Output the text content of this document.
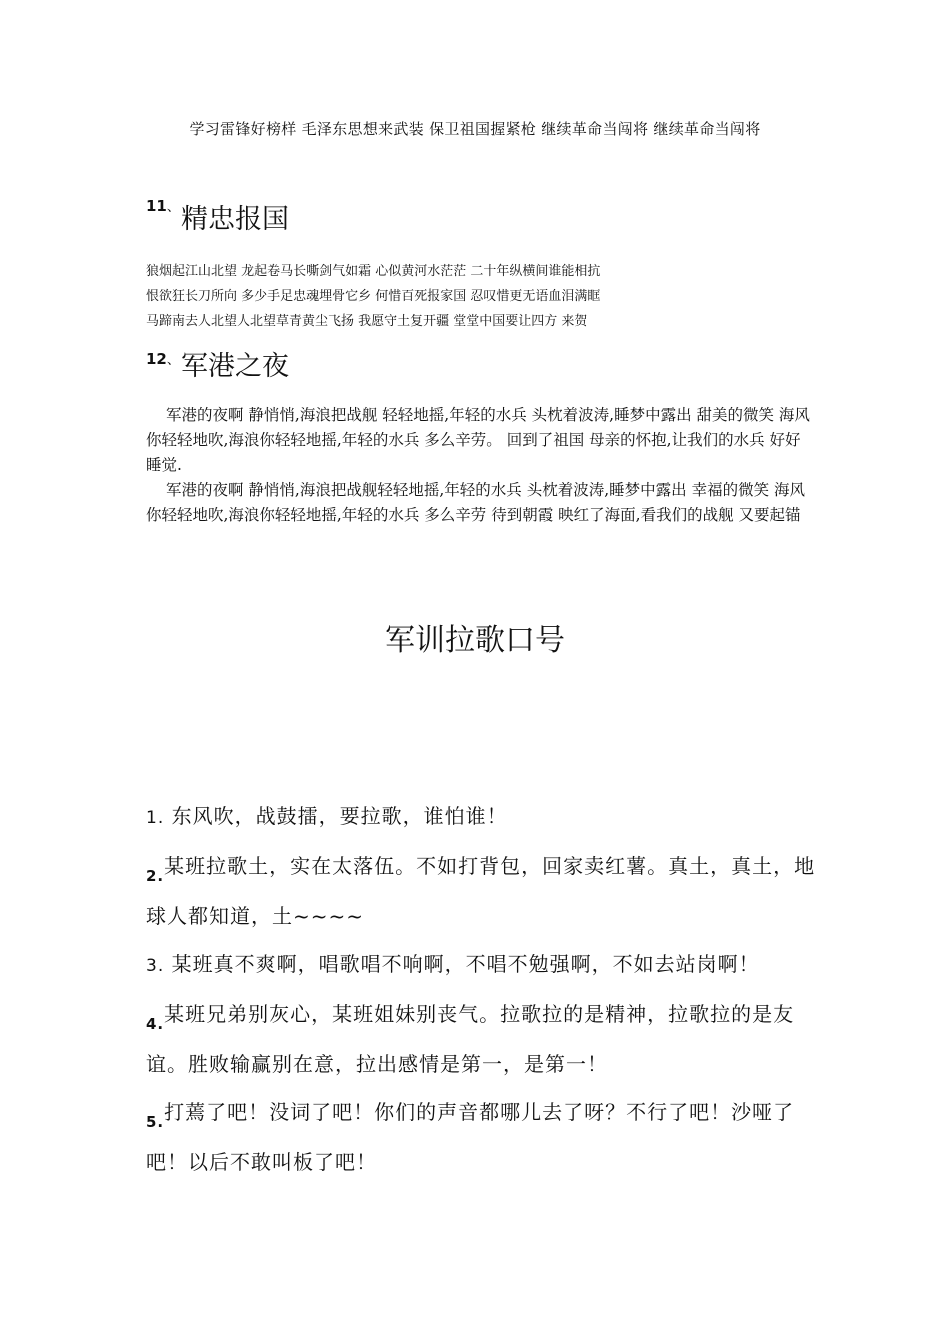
学习雷锋好榜样 毛泽东思想来武装 保卫祖国握紧枪 继续革命当闯将 继续革命当闯将
11、 精忠报国
狼烟起江山北望 龙起卷马长嘶剑气如霜 心似黄河水茫茫 二十年纵横间谁能相抗
恨欲狂长刀所向 多少手足忠魂埋骨它乡 何惜百死报家国 忍叹惜更无语血泪满眶
马蹄南去人北望人北望草青黄尘飞扬 我愿守土复开疆 堂堂中国要让四方 来贺
12、 军港之夜

军港的夜啊 静悄悄,海浪把战舰 轻轻地摇,年轻的水兵 头枕着波涛,睡梦中露出 甜美的微笑 海风你轻轻地吹,海浪你轻轻地摇,年轻的水兵 多么辛劳。 回到了祖国 母亲的怀抱,让我们的水兵 好好睡觉.

军港的夜啊 静悄悄,海浪把战舰轻轻地摇,年轻的水兵 头枕着波涛,睡梦中露出 幸福的微笑 海风你轻轻地吹,海浪你轻轻地摇,年轻的水兵 多么辛劳 待到朝霞 映红了海面,看我们的战舰 又要起锚

军训拉歌口号
1. 东风吹，战鼓擂，要拉歌，谁怕谁！
$_{2.}$某班拉歌土，实在太落伍。不如打背包，回家卖红薯。真土，真土，地球人都知道，土~~~~
3. 某班真不爽啊，唱歌唱不响啊，不唱不勉强啊，不如去站岗啊！
$_{4.}$某班兄弟别灰心，某班姐妹别丧气。拉歌拉的是精神，拉歌拉的是友谊。胜败输赢别在意，拉出感情是第一，是第一！
$_{5.}$打蔫了吧！没词了吧！你们的声音都哪儿去了呀？不行了吧！沙哑了吧！以后不敢叫板了吧！
